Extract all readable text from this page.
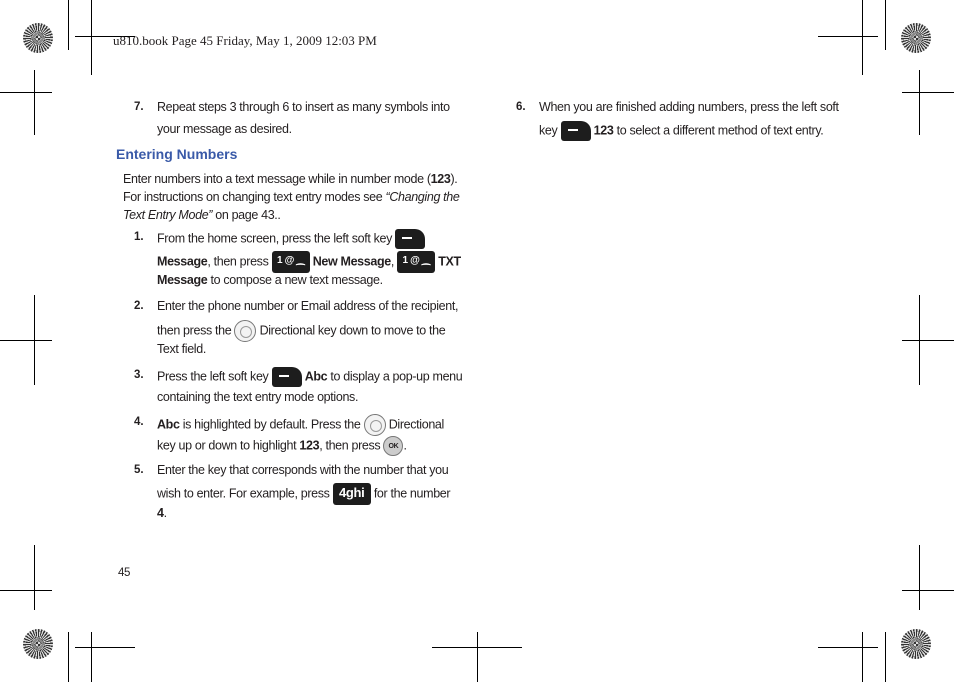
u810.book Page 45 Friday, May 1, 2009 12:03 PM
7. Repeat steps 3 through 6 to insert as many symbols into
your message as desired.
Entering Numbers
Enter numbers into a text message while in number mode (123).
For instructions on changing text entry modes see “Changing the
Text Entry Mode” on page 43..
1. From the home screen, press the left soft key
Message, then press 1 @ ⁔ New Message, 1 @ ⁔ TXT
Message to compose a new text message.
2. Enter the phone number or Email address of the recipient,
then press the Directional key down to move to the
Text field.
3. Press the left soft key	Abc to display a pop-up menu
containing the text entry mode options.
4. Abc is highlighted by default. Press the Directional
key up or down to highlight 123, then press OK .
5. Enter the key that corresponds with the number that you
wish to enter. For example, press 4ghi for the number
4.
6. When you are finished adding numbers, press the left soft
key	123 to select a different method of text entry.
45
